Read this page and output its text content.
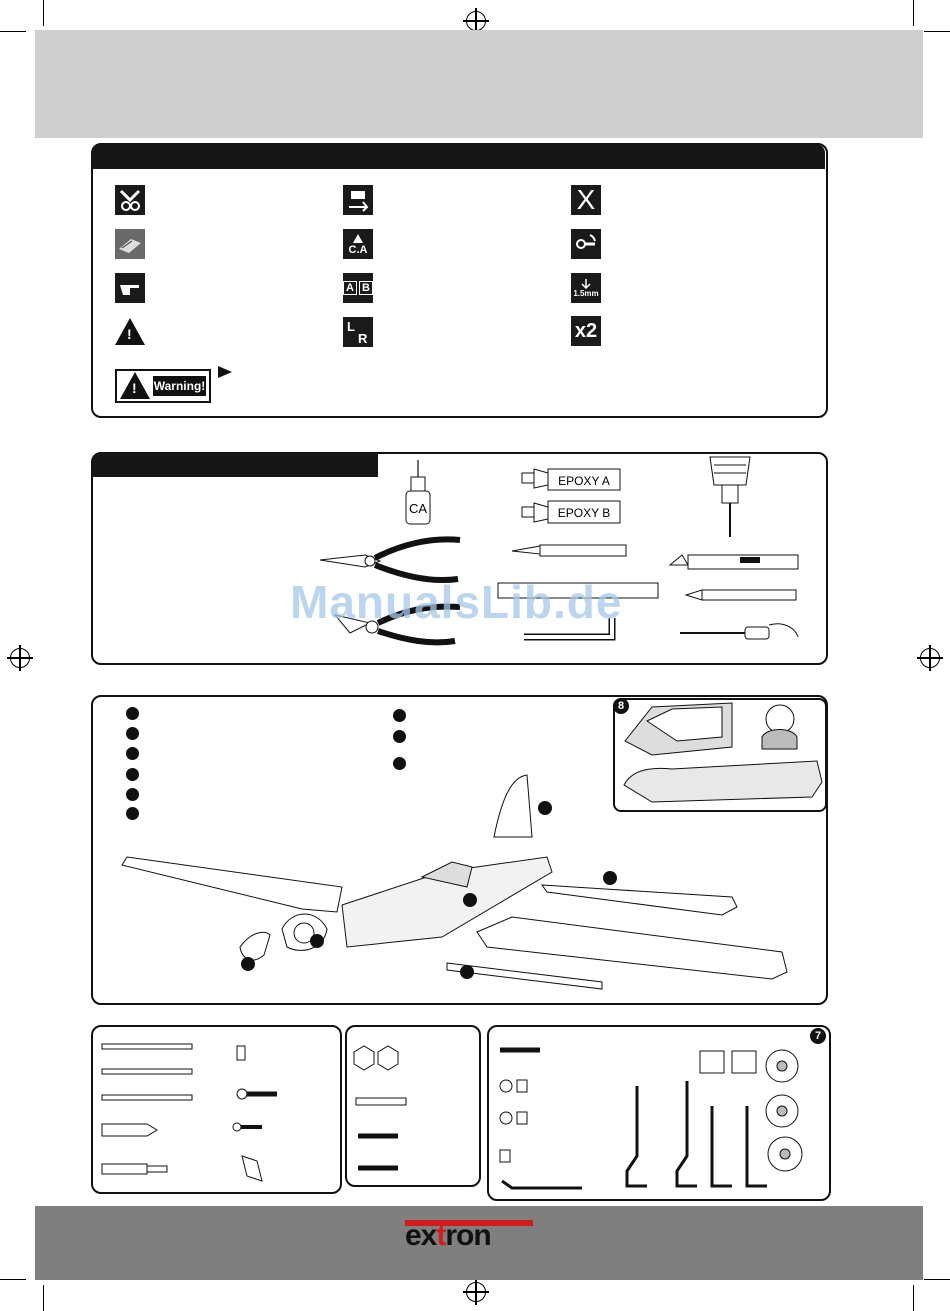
!
C.A
A B
L
R
X
1.5mm
x2
! Warning!
CA
EPOXY A
EPOXY B
ManualsLib.de
8
7
extron
